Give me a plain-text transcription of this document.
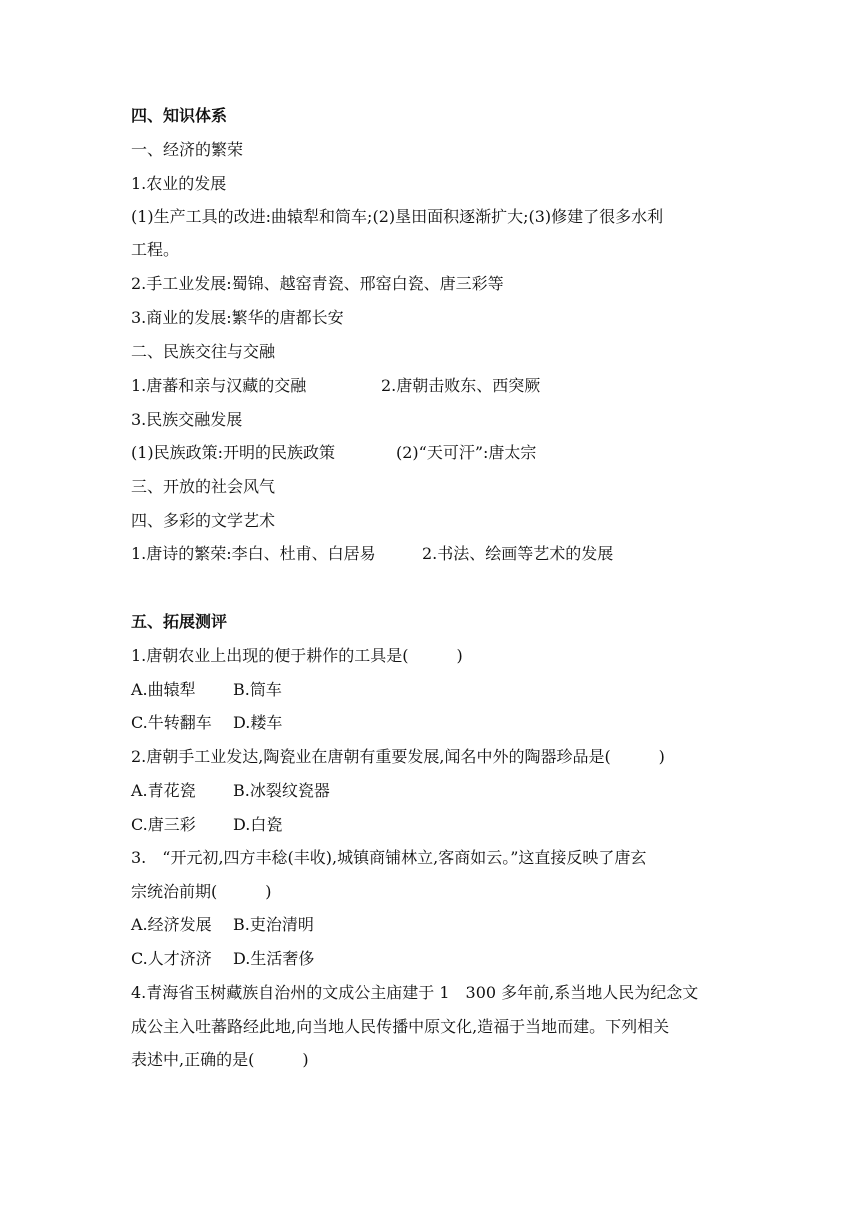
四、知识体系
一、经济的繁荣
1.农业的发展
(1)生产工具的改进:曲辕犁和筒车;(2)垦田面积逐渐扩大;(3)修建了很多水利
工程。
2.手工业发展:蜀锦、越窑青瓷、邢窑白瓷、唐三彩等
3.商业的发展:繁华的唐都长安
二、民族交往与交融
1.唐蕃和亲与汉藏的交融	2.唐朝击败东、西突厥
3.民族交融发展
(1)民族政策:开明的民族政策	(2)“天可汗”:唐太宗
三、开放的社会风气
四、多彩的文学艺术
1.唐诗的繁荣:李白、杜甫、白居易	2.书法、绘画等艺术的发展
五、拓展测评
1.唐朝农业上出现的便于耕作的工具是(　　　)
A.曲辕犁 B.筒车
C.牛转翻车 D.耧车
2.唐朝手工业发达,陶瓷业在唐朝有重要发展,闻名中外的陶器珍品是(　　　)
A.青花瓷 B.冰裂纹瓷器
C.唐三彩 D.白瓷
3.　“开元初,四方丰稔(丰收),城镇商铺林立,客商如云。”这直接反映了唐玄
宗统治前期(　　　)
A.经济发展 B.吏治清明
C.人才济济 D.生活奢侈
4.青海省玉树藏族自治州的文成公主庙建于 1　300 多年前,系当地人民为纪念文
成公主入吐蕃路经此地,向当地人民传播中原文化,造福于当地而建。下列相关
表述中,正确的是(　　　)
